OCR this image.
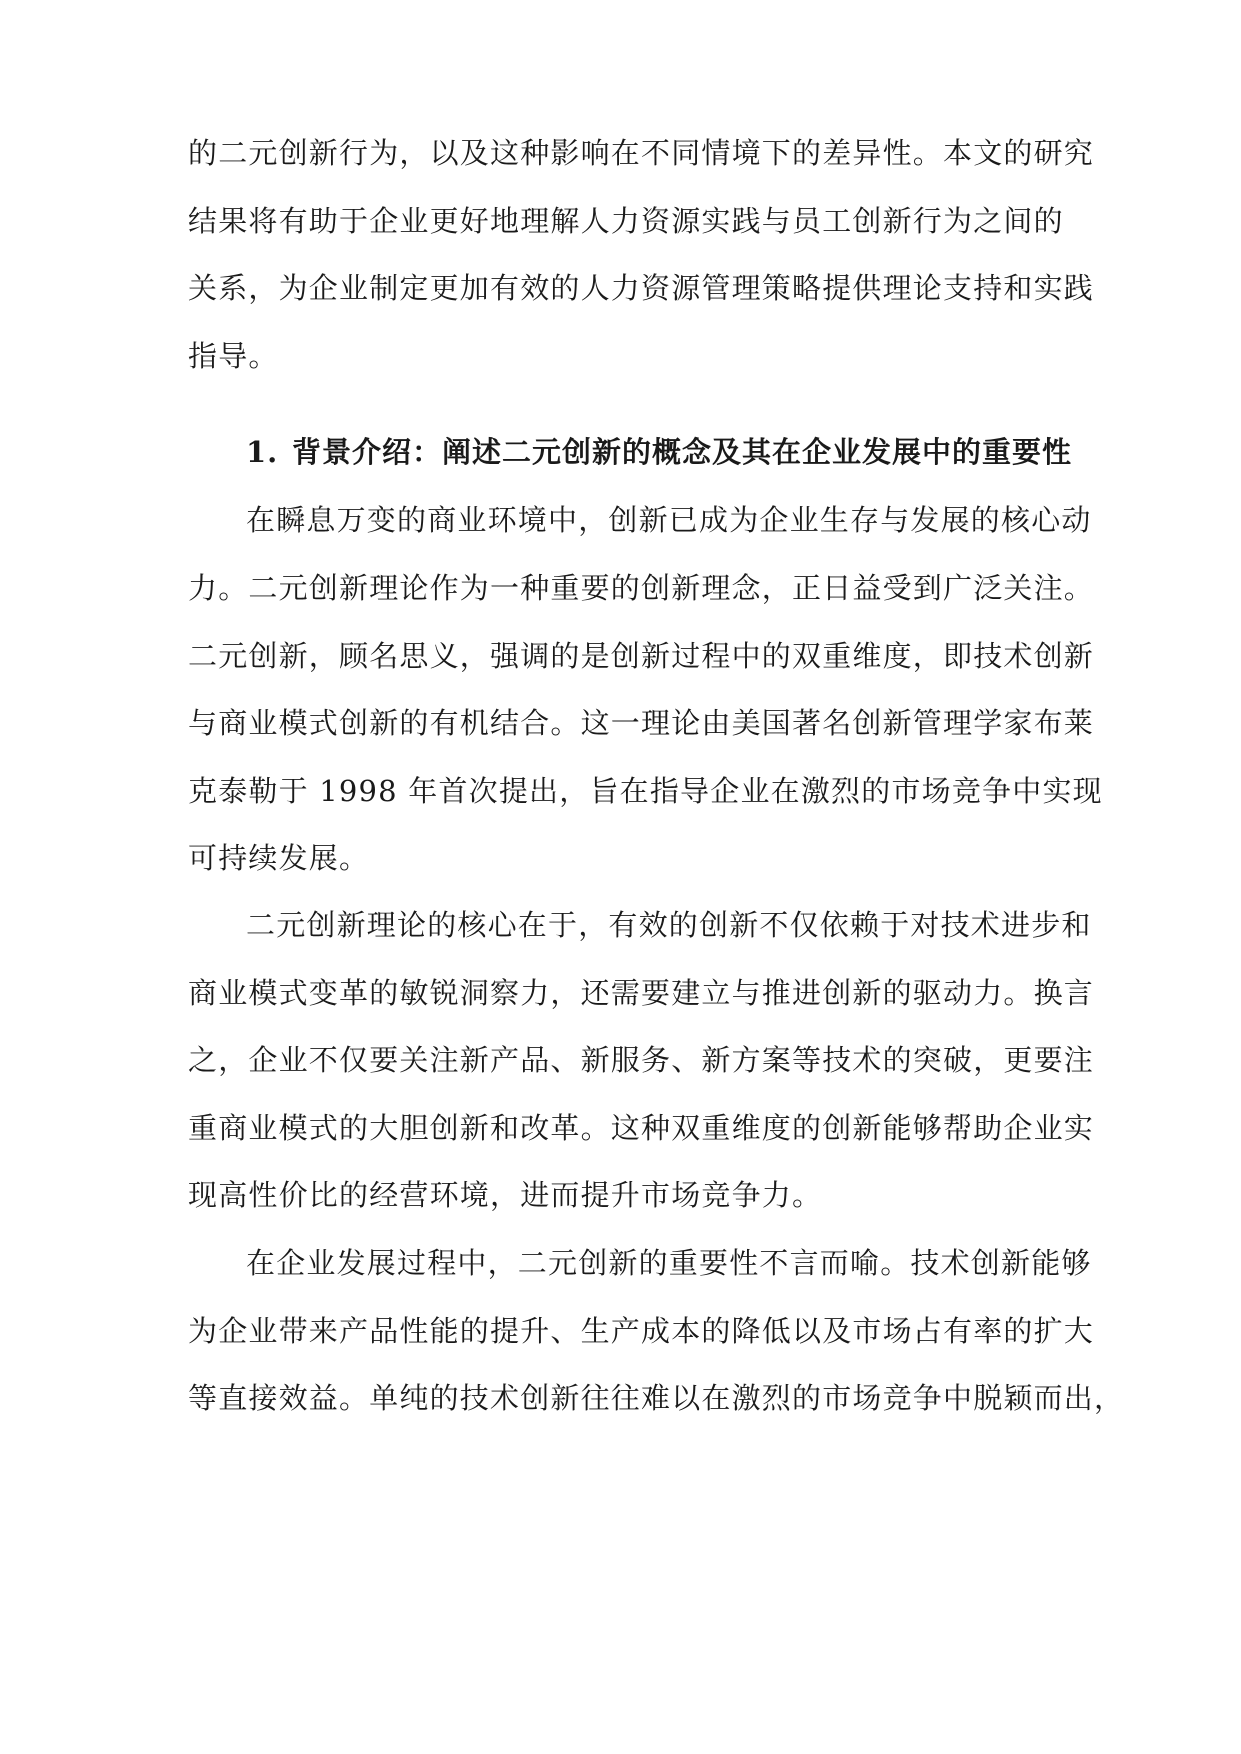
的二元创新行为，以及这种影响在不同情境下的差异性。本文的研究
结果将有助于企业更好地理解人力资源实践与员工创新行为之间的
关系，为企业制定更加有效的人力资源管理策略提供理论支持和实践
指导。
1. 背景介绍：阐述二元创新的概念及其在企业发展中的重要性
在瞬息万变的商业环境中，创新已成为企业生存与发展的核心动
力。二元创新理论作为一种重要的创新理念，正日益受到广泛关注。
二元创新，顾名思义，强调的是创新过程中的双重维度，即技术创新
与商业模式创新的有机结合。这一理论由美国著名创新管理学家布莱
克泰勒于 1998 年首次提出，旨在指导企业在激烈的市场竞争中实现
可持续发展。
二元创新理论的核心在于，有效的创新不仅依赖于对技术进步和
商业模式变革的敏锐洞察力，还需要建立与推进创新的驱动力。换言
之，企业不仅要关注新产品、新服务、新方案等技术的突破，更要注
重商业模式的大胆创新和改革。这种双重维度的创新能够帮助企业实
现高性价比的经营环境，进而提升市场竞争力。
在企业发展过程中，二元创新的重要性不言而喻。技术创新能够
为企业带来产品性能的提升、生产成本的降低以及市场占有率的扩大
等直接效益。单纯的技术创新往往难以在激烈的市场竞争中脱颖而出，
